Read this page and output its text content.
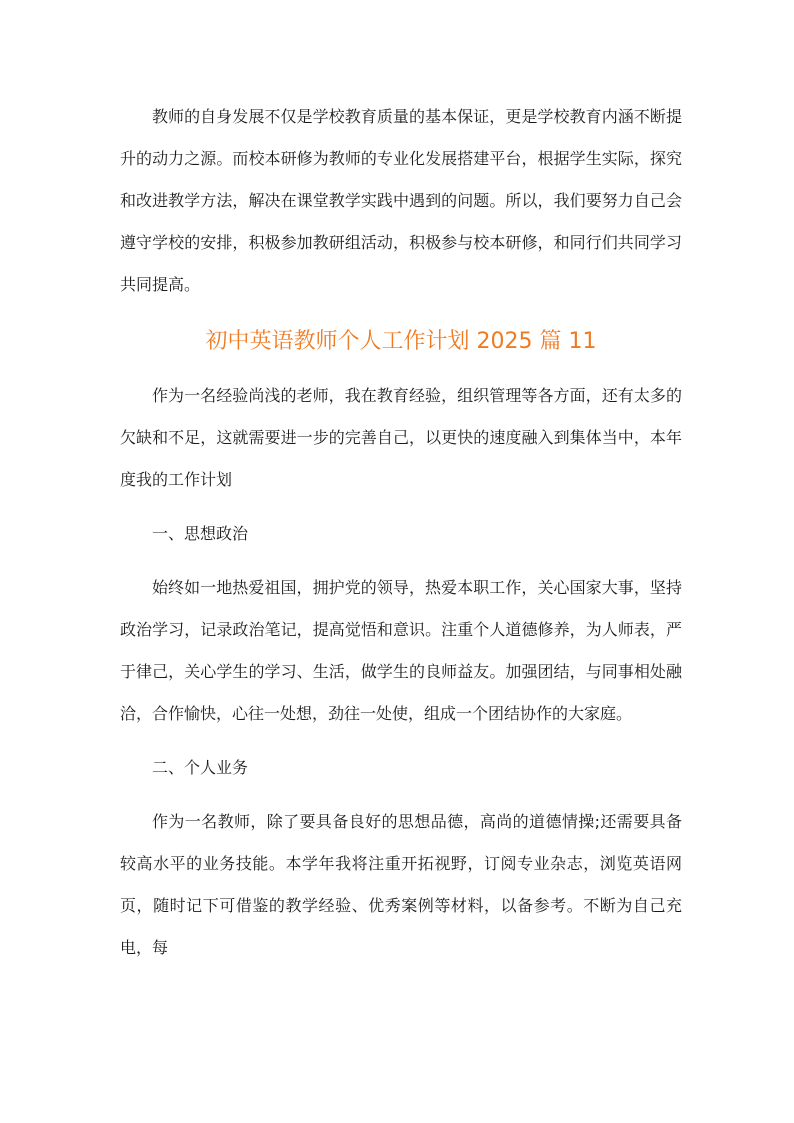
教师的自身发展不仅是学校教育质量的基本保证，更是学校教育内涵不断提升的动力之源。而校本研修为教师的专业化发展搭建平台，根据学生实际，探究和改进教学方法，解决在课堂教学实践中遇到的问题。所以，我们要努力自己会遵守学校的安排，积极参加教研组活动，积极参与校本研修，和同行们共同学习共同提高。

初中英语教师个人工作计划 2025 篇 11

作为一名经验尚浅的老师，我在教育经验，组织管理等各方面，还有太多的欠缺和不足，这就需要进一步的完善自己，以更快的速度融入到集体当中，本年度我的工作计划

一、思想政治

始终如一地热爱祖国，拥护党的领导，热爱本职工作，关心国家大事，坚持政治学习，记录政治笔记，提高觉悟和意识。注重个人道德修养，为人师表，严于律己，关心学生的学习、生活，做学生的良师益友。加强团结，与同事相处融洽，合作愉快，心往一处想，劲往一处使，组成一个团结协作的大家庭。

二、个人业务

作为一名教师，除了要具备良好的思想品德，高尚的道德情操;还需要具备较高水平的业务技能。本学年我将注重开拓视野，订阅专业杂志，浏览英语网页，随时记下可借鉴的教学经验、优秀案例等材料，以备参考。不断为自己充电，每
